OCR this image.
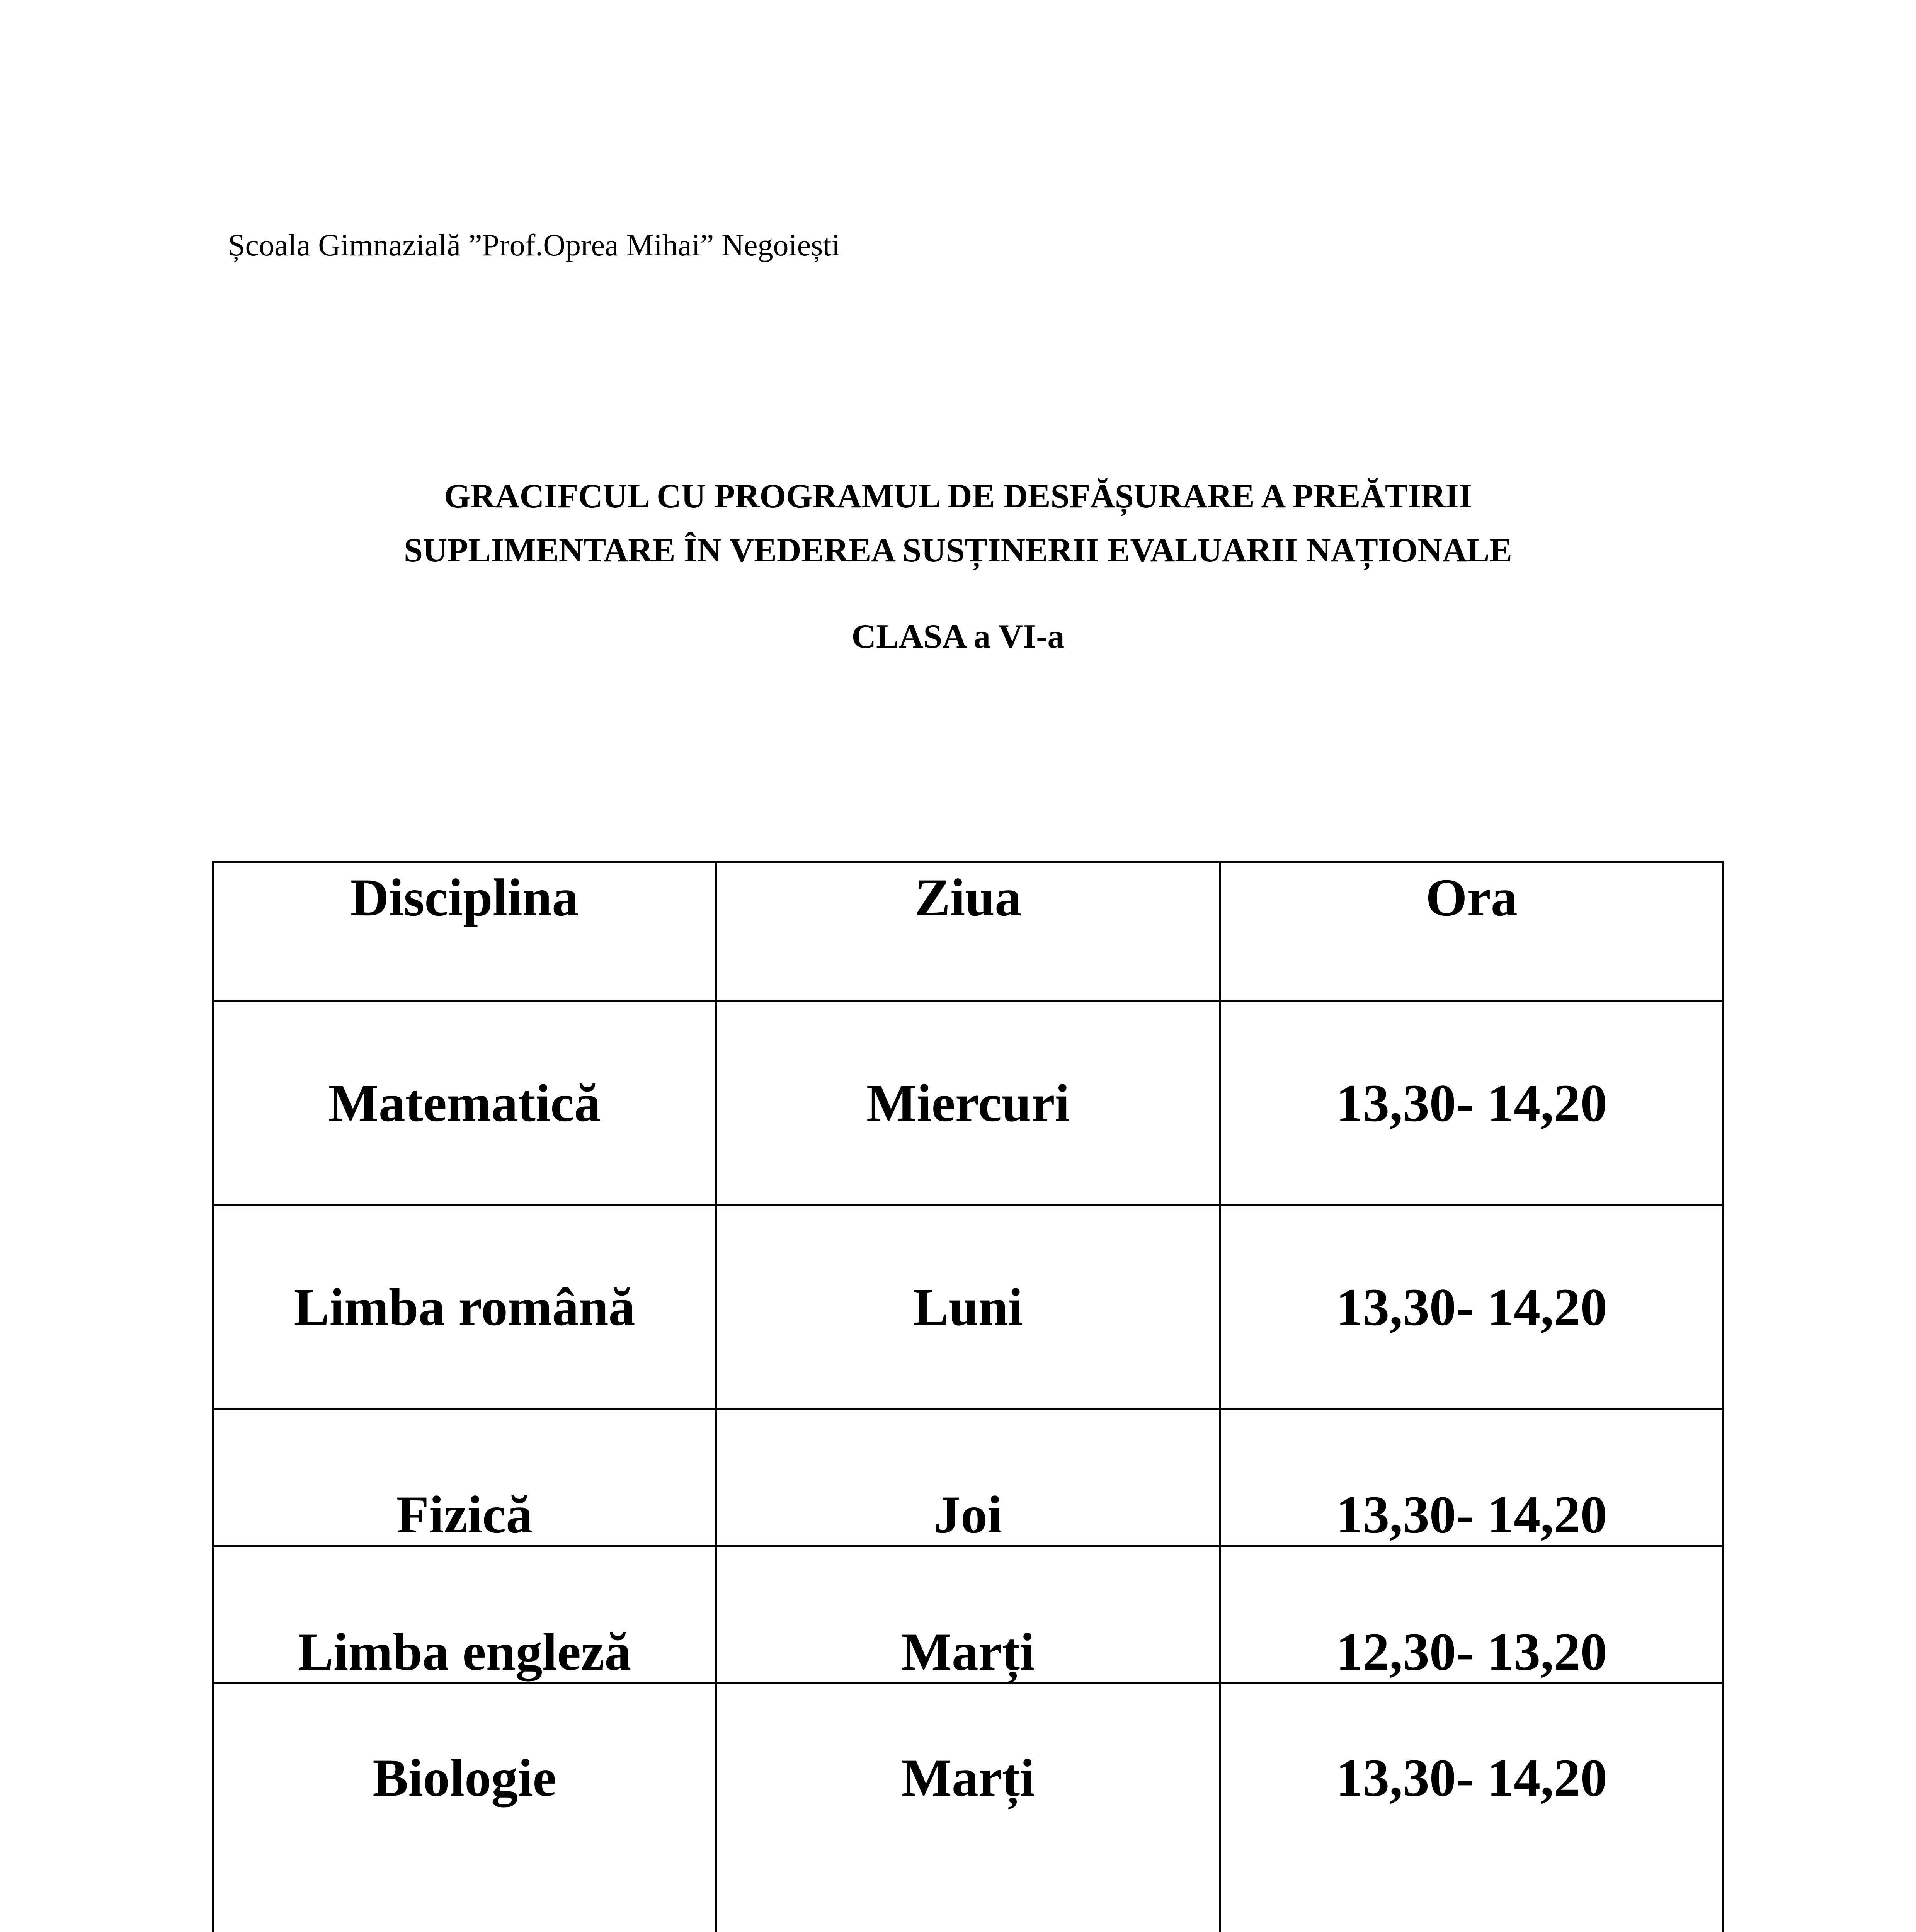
Școala Gimnazială ”Prof.Oprea Mihai” Negoiești
GRACIFCUL CU PROGRAMUL DE DESFĂȘURARE A PREĂTIRII
SUPLIMENTARE ÎN VEDEREA SUSȚINERII EVALUARII NAȚIONALE
CLASA a VI-a
Disciplina	Ziua	Ora
Matematică	Miercuri	13,30- 14,20
Limba română	Luni	13,30- 14,20
Fizică	Joi	13,30- 14,20
Limba engleză	Marți	12,30- 13,20
Biologie	Marți	13,30- 14,20
